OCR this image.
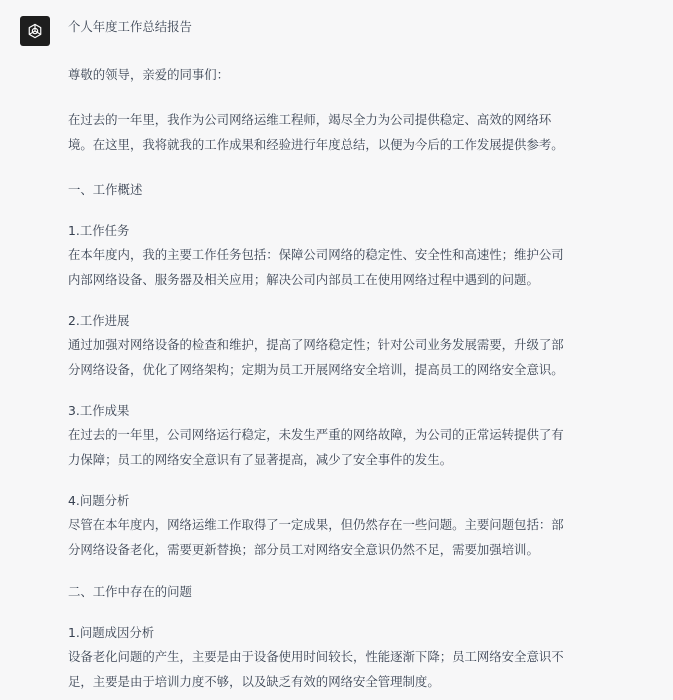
个人年度工作总结报告

尊敬的领导，亲爱的同事们：

在过去的一年里，我作为公司网络运维工程师，竭尽全力为公司提供稳定、高效的网络环

境。在这里，我将就我的工作成果和经验进行年度总结，以便为今后的工作发展提供参考。

一、工作概述

1.工作任务

在本年度内，我的主要工作任务包括：保障公司网络的稳定性、安全性和高速性；维护公司

内部网络设备、服务器及相关应用；解决公司内部员工在使用网络过程中遇到的问题。

2.工作进展

通过加强对网络设备的检查和维护，提高了网络稳定性；针对公司业务发展需要，升级了部

分网络设备，优化了网络架构；定期为员工开展网络安全培训，提高员工的网络安全意识。

3.工作成果

在过去的一年里，公司网络运行稳定，未发生严重的网络故障，为公司的正常运转提供了有

力保障；员工的网络安全意识有了显著提高，减少了安全事件的发生。

4.问题分析

尽管在本年度内，网络运维工作取得了一定成果，但仍然存在一些问题。主要问题包括：部

分网络设备老化，需要更新替换；部分员工对网络安全意识仍然不足，需要加强培训。

二、工作中存在的问题

1.问题成因分析

设备老化问题的产生，主要是由于设备使用时间较长，性能逐渐下降；员工网络安全意识不

足，主要是由于培训力度不够，以及缺乏有效的网络安全管理制度。
